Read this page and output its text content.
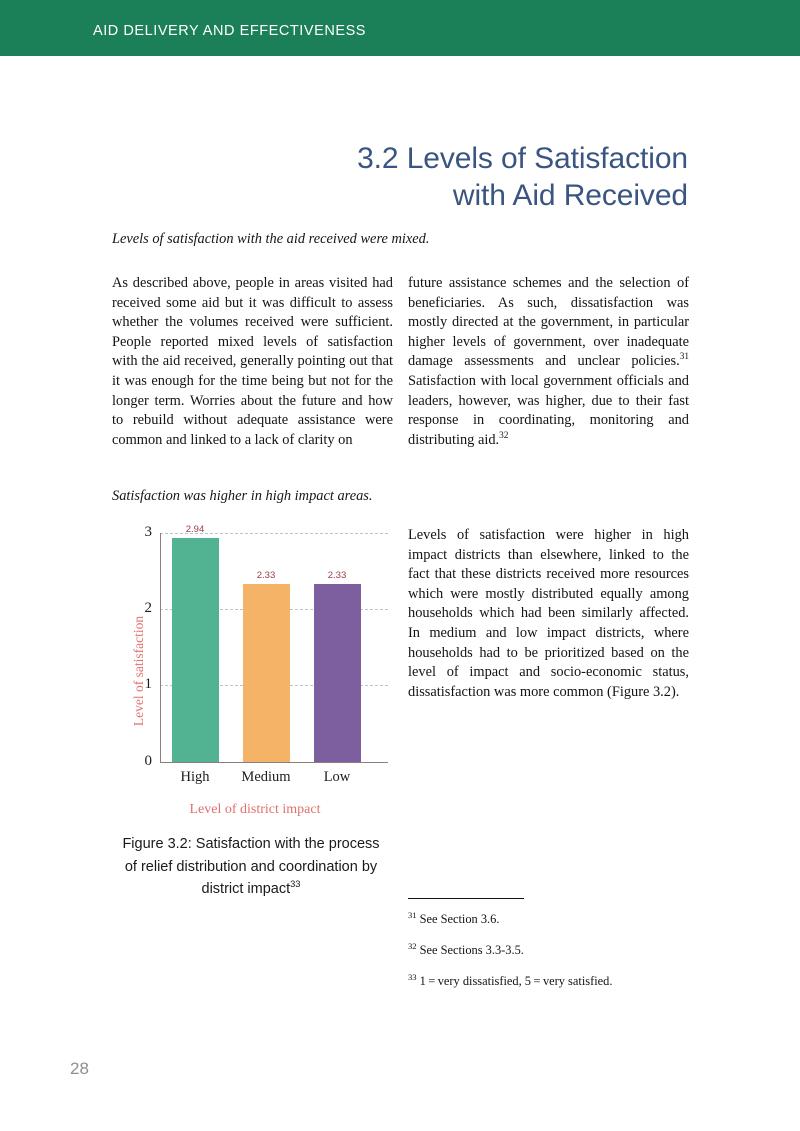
AID DELIVERY AND EFFECTIVENESS
3.2 Levels of Satisfaction
with Aid Received
Levels of satisfaction with the aid received were mixed.
Satisfaction was higher in high impact areas.
As described above, people in areas visited had received some aid but it was difficult to assess whether the volumes received were sufficient. People reported mixed levels of satisfaction with the aid received, generally pointing out that it was enough for the time being but not for the longer term. Worries about the future and how to rebuild without adequate assistance were common and linked to a lack of clarity on
future assistance schemes and the selection of beneficiaries. As such, dissatisfaction was mostly directed at the government, in particular higher levels of government, over inadequate damage assessments and unclear policies.$^{31}$ Satisfaction with local government officials and leaders, however, was higher, due to their fast response in coordinating, monitoring and distributing aid.$^{32}$
Levels of satisfaction were higher in high impact districts than elsewhere, linked to the fact that these districts received more resources which were mostly distributed equally among households which had been similarly affected. In medium and low impact districts, where households had to be prioritized based on the level of impact and socio-economic status, dissatisfaction was more common (Figure 3.2).
3
2
1
0
2.94
2.33	2.33
High	Medium	Low
Level of satisfaction
Level of district impact
Figure 3.2: Satisfaction with the process of relief distribution and coordination by district impact$^{33}$
$^{31}$ See Section 3.6.
$^{32}$ See Sections 3.3-3.5.
$^{33}$ 1 = very dissatisfied, 5 = very satisfied.
28
